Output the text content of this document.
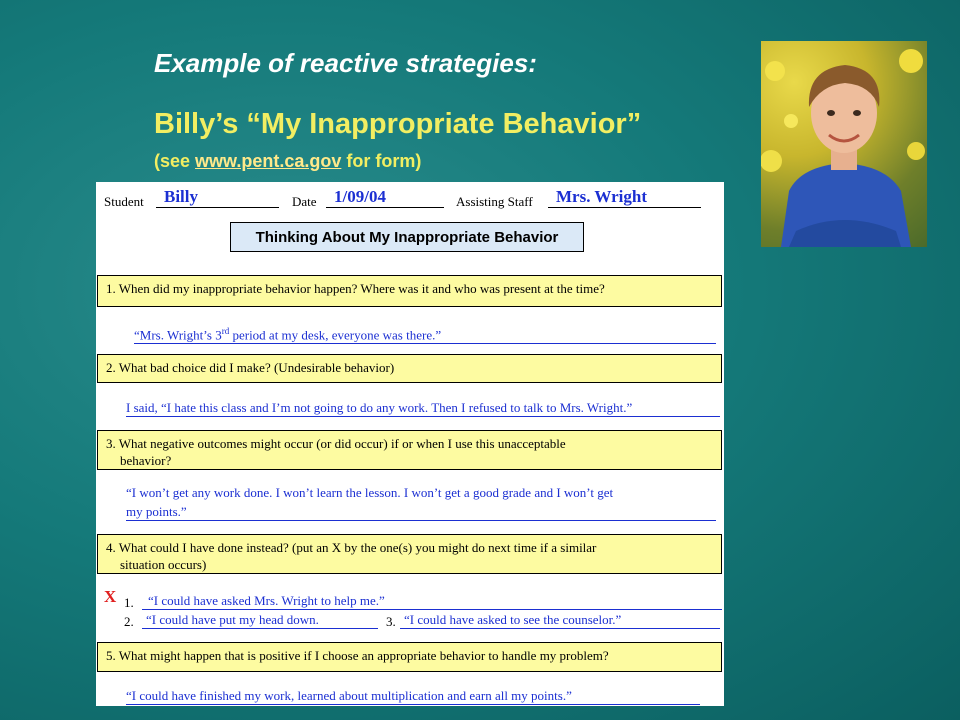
Example of reactive strategies:
Billy’s “My Inappropriate Behavior”
(see www.pent.ca.gov for form)
Student	Billy	Date	1/09/04	Assisting Staff	Mrs. Wright
Thinking About My Inappropriate Behavior
1. When did my inappropriate behavior happen? Where was it and who was present at the time?
“Mrs. Wright’s 3rd period at my desk, everyone was there.”
2. What bad choice did I make? (Undesirable behavior)
I said, “I hate this class and I’m not going to do any work. Then I refused to talk to Mrs. Wright.”
3. What negative outcomes might occur (or did occur) if or when I use this unacceptable
behavior?
“I won’t get any work done. I won’t learn the lesson. I won’t get a good grade and I won’t get
my points.”
4. What could I have done instead? (put an X by the one(s) you might do next time if a similar
situation occurs)
X 1.	“I could have asked Mrs. Wright to help me.”
2. “I could have put my head down.	3. “I could have asked to see the counselor.”
5. What might happen that is positive if I choose an appropriate behavior to handle my problem?
“I could have finished my work, learned about multiplication and earn all my points.”
